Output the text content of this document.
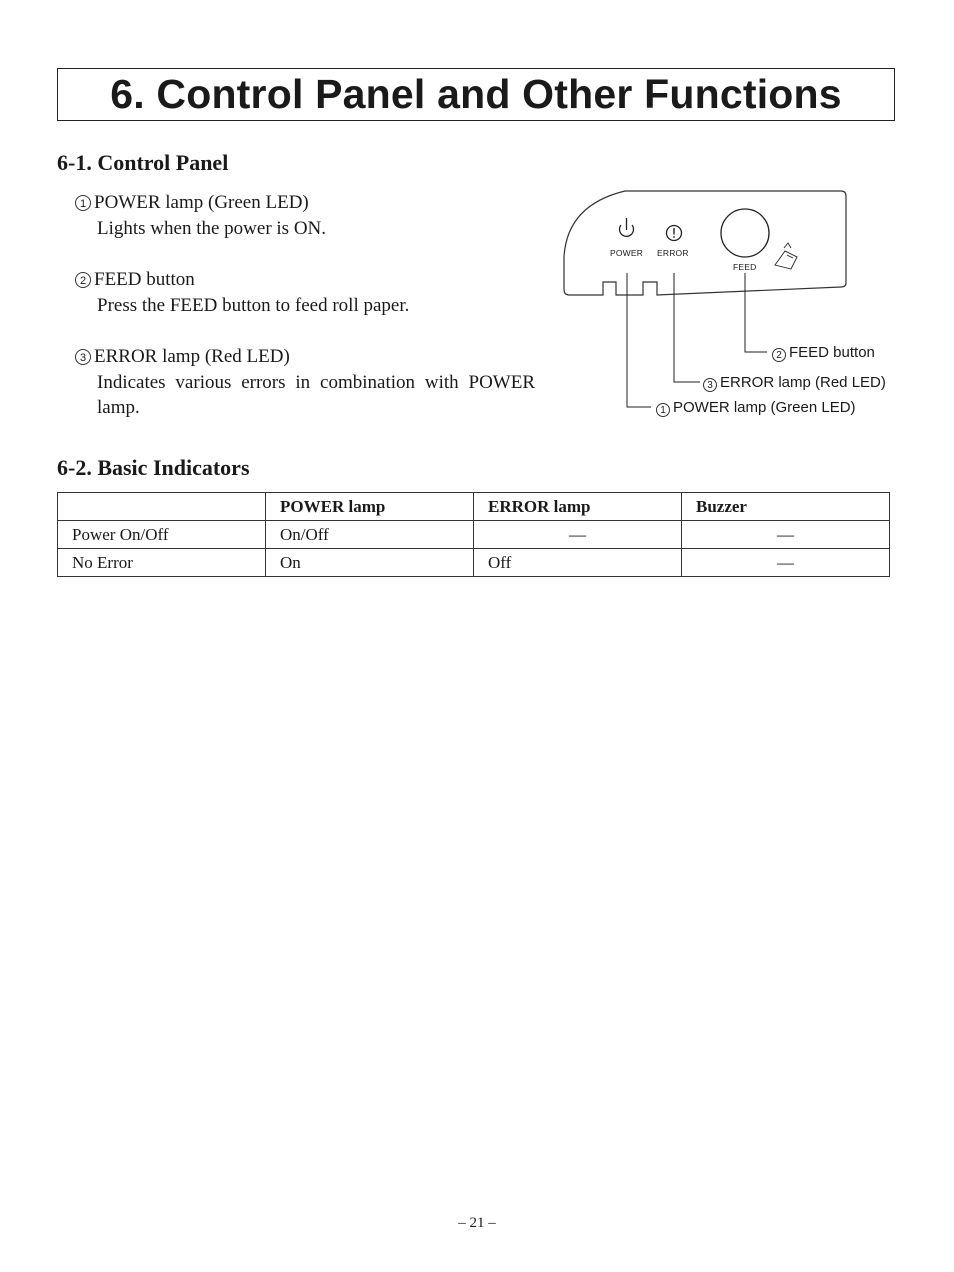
6. Control Panel and Other Functions
6-1. Control Panel
1 POWER lamp (Green LED)
Lights when the power is ON.
2 FEED button
Press the FEED button to feed roll paper.
3 ERROR lamp (Red LED)
Indicates various errors in combination with POWER lamp.
POWER ERROR
FEED
2 FEED button
3 ERROR lamp (Red LED)
1 POWER lamp (Green LED)
6-2. Basic Indicators
	POWER lamp	ERROR lamp	Buzzer
Power On/Off	On/Off	—	—
No Error	On	Off	—
– 21 –
